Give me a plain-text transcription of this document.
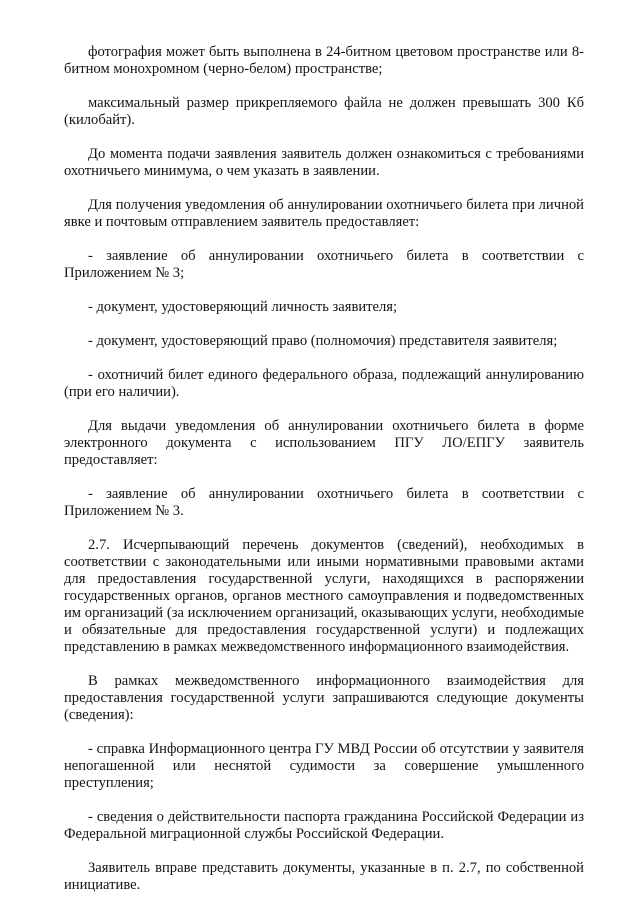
фотография может быть выполнена в 24-битном цветовом пространстве или 8-битном монохромном (черно-белом) пространстве;

максимальный размер прикрепляемого файла не должен превышать 300 Кб (килобайт).

До момента подачи заявления заявитель должен ознакомиться с требованиями охотничьего минимума, о чем указать в заявлении.

Для получения уведомления об аннулировании охотничьего билета при личной явке и почтовым отправлением заявитель предоставляет:

- заявление об аннулировании охотничьего билета в соответствии с Приложением № 3;

- документ, удостоверяющий личность заявителя;

- документ, удостоверяющий право (полномочия) представителя заявителя;

- охотничий билет единого федерального образа, подлежащий аннулированию (при его наличии).

Для выдачи уведомления об аннулировании охотничьего билета в форме электронного документа с использованием ПГУ ЛО/ЕПГУ заявитель предоставляет:

- заявление об аннулировании охотничьего билета в соответствии с Приложением № 3.

2.7. Исчерпывающий перечень документов (сведений), необходимых в соответствии с законодательными или иными нормативными правовыми актами для предоставления государственной услуги, находящихся в распоряжении государственных органов, органов местного самоуправления и подведомственных им организаций (за исключением организаций, оказывающих услуги, необходимые и обязательные для предоставления государственной услуги) и подлежащих представлению в рамках межведомственного информационного взаимодействия.

В рамках межведомственного информационного взаимодействия для предоставления государственной услуги запрашиваются следующие документы (сведения):

- справка Информационного центра ГУ МВД России об отсутствии у заявителя непогашенной или неснятой судимости за совершение умышленного преступления;

- сведения о действительности паспорта гражданина Российской Федерации из Федеральной миграционной службы Российской Федерации.

Заявитель вправе представить документы, указанные в п. 2.7, по собственной инициативе.
